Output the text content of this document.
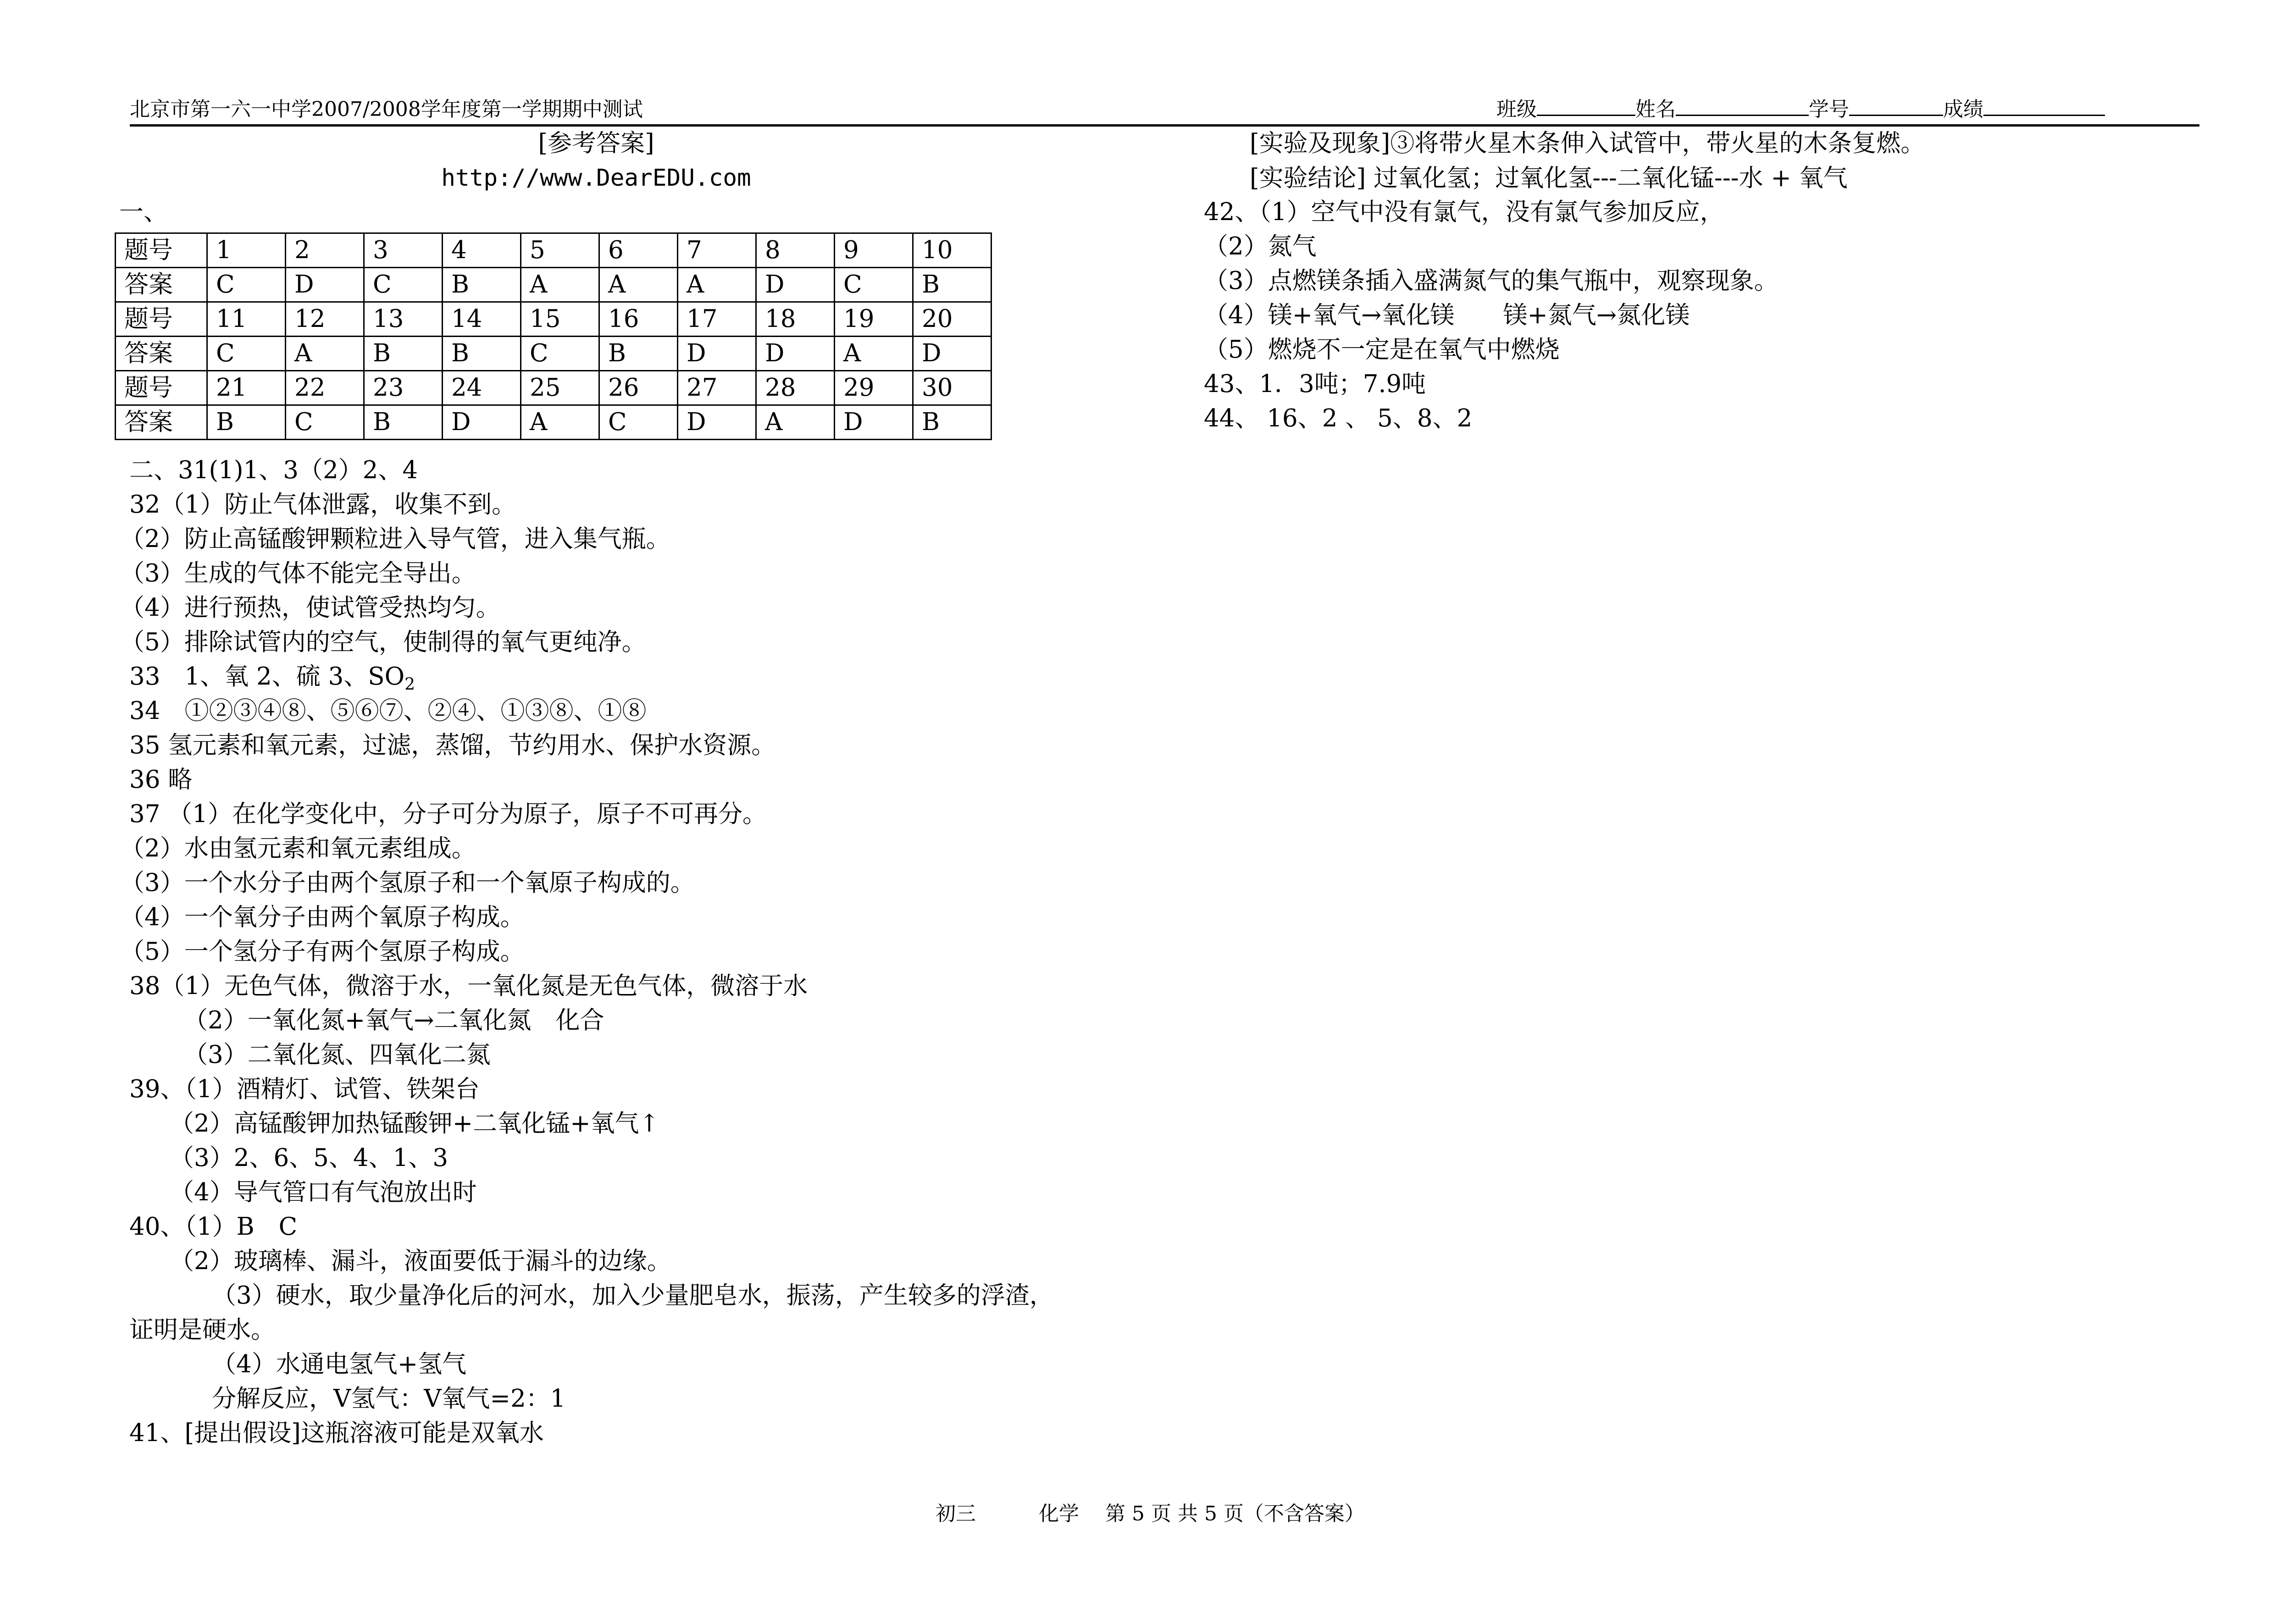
北京市第一六一中学2007/2008学年度第一学期期中测试	班级	姓名	学号	成绩
[参考答案]
http://www.DearEDU.com
一、
二、31(1)1、3（2）2、4
32（1）防止气体泄露，收集不到。
（2）防止高锰酸钾颗粒进入导气管，进入集气瓶。
（3）生成的气体不能完全导出。
（4）进行预热，使试管受热均匀。
（5）排除试管内的空气，使制得的氧气更纯净。
33　1、氧 2、硫 3、$SO_2$
34　①②③④⑧、⑤⑥⑦、②④、①③⑧、①⑧
35 氢元素和氧元素，过滤，蒸馏，节约用水、保护水资源。
36 略
37 （1）在化学变化中，分子可分为原子，原子不可再分。
（2）水由氢元素和氧元素组成。
（3）一个水分子由两个氢原子和一个氧原子构成的。
（4）一个氧分子由两个氧原子构成。
（5）一个氢分子有两个氢原子构成。
38（1）无色气体，微溶于水，一氧化氮是无色气体，微溶于水
（2）一氧化氮+氧气→二氧化氮　化合
（3）二氧化氮、四氧化二氮
39、（1）酒精灯、试管、铁架台
（2）高锰酸钾加热锰酸钾+二氧化锰+氧气↑
（3）2、6、5、4、1、3
（4）导气管口有气泡放出时
40、（1）B　C
（2）玻璃棒、漏斗，液面要低于漏斗的边缘。
（3）硬水，取少量净化后的河水，加入少量肥皂水，振荡，产生较多的浮渣，
证明是硬水。
（4）水通电氢气+氢气
分解反应，V氢气：V氧气=2：1
41、[提出假设]这瓶溶液可能是双氧水
题号	1	2	3	4	5	6	7	8	9	10
答案	C	D	C	B	A	A	A	D	C	B
题号	11	12	13	14	15	16	17	18	19	20
答案	C	A	B	B	C	B	D	D	A	D
题号	21	22	23	24	25	26	27	28	29	30
答案	B	C	B	D	A	C	D	A	D	B
[实验及现象]③将带火星木条伸入试管中，带火星的木条复燃。
[实验结论] 过氧化氢；过氧化氢---二氧化锰---水 + 氧气
42、（1）空气中没有氯气，没有氯气参加反应，
（2）氮气
（3）点燃镁条插入盛满氮气的集气瓶中，观察现象。
（4）镁+氧气→氧化镁　　镁+氮气→氮化镁
（5）燃烧不一定是在氧气中燃烧
43、1．3吨；7.9吨
44、 16、2 、 5、8、2
初三	化学 第 5 页 共 5 页（不含答案）
